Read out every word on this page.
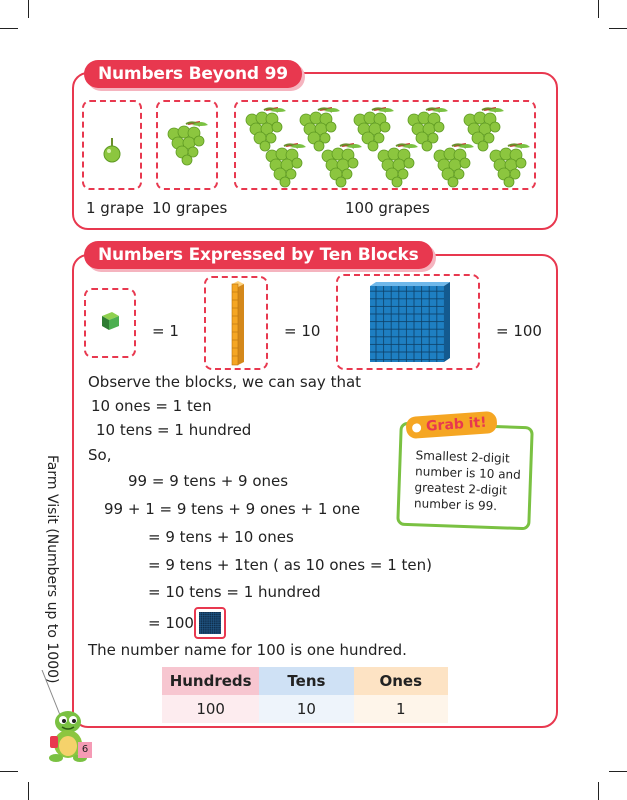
Numbers Beyond 99
1 grape 10 grapes	100 grapes
Numbers Expressed by Ten Blocks
= 1	= 10	= 100
Observe the blocks, we can say that
10 ones = 1 ten
10 tens = 1 hundred
So,
99 = 9 tens + 9 ones
99 + 1 = 9 tens + 9 ones + 1 one
= 9 tens + 10 ones
= 9 tens + 1ten ( as 10 ones = 1 ten)
= 10 tens = 1 hundred
= 100
The number name for 100 is one hundred.
Smallest 2-digit
number is 10 and
greatest 2-digit
number is 99.
Grab it!
Hundreds	Tens	Ones
100	10	1
Farm Visit (Numbers up to 1000)
6
